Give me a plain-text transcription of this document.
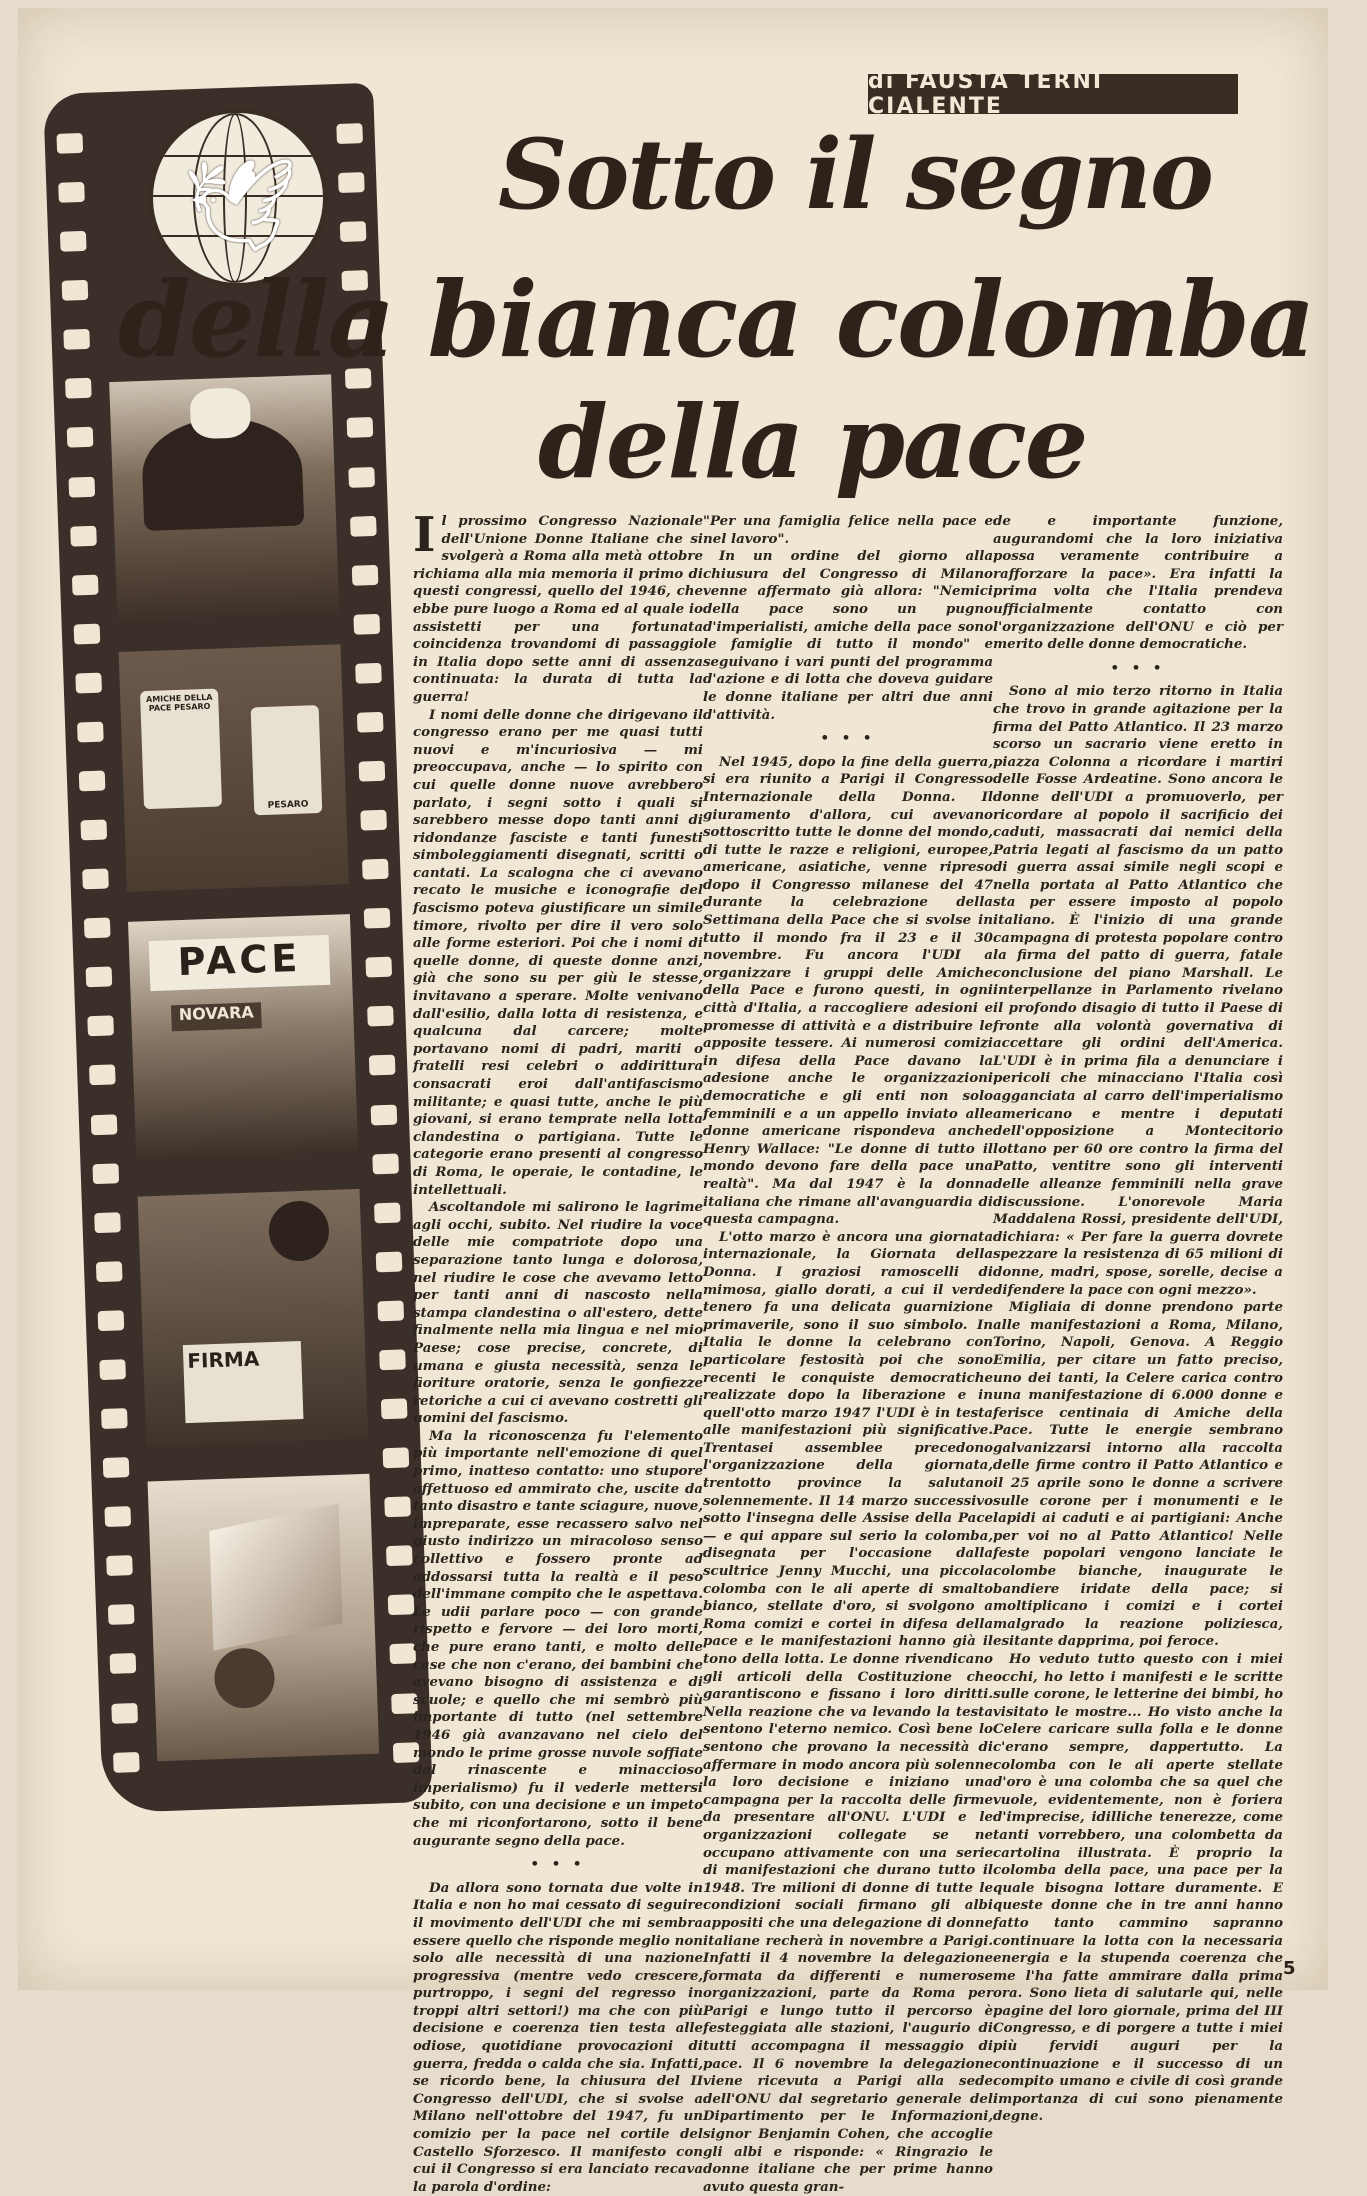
di FAUSTA TERNI CIALENTE
AMICHE DELLA PACE PESARO
PESARO
PACE
NOVARA
FIRMA
🕊 Sotto il segno
della bianca colomba
della pace

Il prossimo Congresso Nazionale dell'Unione Donne Italiane che si svolgerà a Roma alla metà ottobre richiama alla mia memoria il primo di questi congressi, quello del 1946, che ebbe pure luogo a Roma ed al quale io assistetti per una fortunata coincidenza trovandomi di passaggio in Italia dopo sette anni di assenza continuata: la durata di tutta la guerra!

I nomi delle donne che dirigevano il congresso erano per me quasi tutti nuovi e m'incuriosiva — mi preoccupava, anche — lo spirito con cui quelle donne nuove avrebbero parlato, i segni sotto i quali si sarebbero messe dopo tanti anni di ridondanze fasciste e tanti funesti simboleggiamenti disegnati, scritti o cantati. La scalogna che ci avevano recato le musiche e iconografie del fascismo poteva giustificare un simile timore, rivolto per dire il vero solo alle forme esteriori. Poi che i nomi di quelle donne, di queste donne anzi, già che sono su per giù le stesse, invitavano a sperare. Molte venivano dall'esilio, dalla lotta di resistenza, e qualcuna dal carcere; molte portavano nomi di padri, mariti o fratelli resi celebri o addirittura consacrati eroi dall'antifascismo militante; e quasi tutte, anche le più giovani, si erano temprate nella lotta clandestina o partigiana. Tutte le categorie erano presenti al congresso di Roma, le operaie, le contadine, le intellettuali.

Ascoltandole mi salirono le lagrime agli occhi, subito. Nel riudire la voce delle mie compatriote dopo una separazione tanto lunga e dolorosa, nel riudire le cose che avevamo letto per tanti anni di nascosto nella stampa clandestina o all'estero, dette finalmente nella mia lingua e nel mio Paese; cose precise, concrete, di umana e giusta necessità, senza le fioriture oratorie, senza le gonfiezze retoriche a cui ci avevano costretti gli uomini del fascismo.

Ma la riconoscenza fu l'elemento più importante nell'emozione di quel primo, inatteso contatto: uno stupore affettuoso ed ammirato che, uscite da tanto disastro e tante sciagure, nuove, impreparate, esse recassero salvo nel giusto indirizzo un miracoloso senso collettivo e fossero pronte ad addossarsi tutta la realtà e il peso dell'immane compito che le aspettava. Le udii parlare poco — con grande rispetto e fervore — dei loro morti, che pure erano tanti, e molto delle case che non c'erano, dei bambini che avevano bisogno di assistenza e di scuole; e quello che mi sembrò più importante di tutto (nel settembre 1946 già avanzavano nel cielo del mondo le prime grosse nuvole soffiate dal rinascente e minaccioso imperialismo) fu il vederle mettersi subito, con una decisione e un impeto che mi riconfortarono, sotto il bene augurante segno della pace.

• • •

Da allora sono tornata due volte in Italia e non ho mai cessato di seguire il movimento dell'UDI che mi sembra essere quello che risponde meglio non solo alle necessità di una nazione progressiva (mentre vedo crescere, purtroppo, i segni del regresso in troppi altri settori!) ma che con più decisione e coerenza tien testa alle odiose, quotidiane provocazioni di guerra, fredda o calda che sia. Infatti, se ricordo bene, la chiusura del II Congresso dell'UDI, che si svolse a Milano nell'ottobre del 1947, fu un comizio per la pace nel cortile del Castello Sforzesco. Il manifesto con cui il Congresso si era lanciato recava la parola d'ordine:

"Per una famiglia felice nella pace e nel lavoro".

In un ordine del giorno alla chiusura del Congresso di Milano venne affermato già allora: "Nemici della pace sono un pugno d'imperialisti, amiche della pace sono le famiglie di tutto il mondo" e seguivano i vari punti del programma d'azione e di lotta che doveva guidare le donne italiane per altri due anni d'attività.

• • •

Nel 1945, dopo la fine della guerra, si era riunito a Parigi il Congresso Internazionale della Donna. Il giuramento d'allora, cui avevano sottoscritto tutte le donne del mondo, di tutte le razze e religioni, europee, americane, asiatiche, venne ripreso dopo il Congresso milanese del 47 durante la celebrazione della Settimana della Pace che si svolse in tutto il mondo fra il 23 e il 30 novembre. Fu ancora l'UDI a organizzare i gruppi delle Amiche della Pace e furono questi, in ogni città d'Italia, a raccogliere adesioni e promesse di attività e a distribuire le apposite tessere. Ai numerosi comizi in difesa della Pace davano la adesione anche le organizzazioni democratiche e gli enti non solo femminili e a un appello inviato alle donne americane rispondeva anche Henry Wallace: "Le donne di tutto il mondo devono fare della pace una realtà". Ma dal 1947 è la donna italiana che rimane all'avanguardia di questa campagna.

L'otto marzo è ancora una giornata internazionale, la Giornata della Donna. I graziosi ramoscelli di mimosa, giallo dorati, a cui il verde tenero fa una delicata guarnizione primaverile, sono il suo simbolo. In Italia le donne la celebrano con particolare festosità poi che sono recenti le conquiste democratiche realizzate dopo la liberazione e in quell'otto marzo 1947 l'UDI è in testa alle manifestazioni più significative. Trentasei assemblee precedono l'organizzazione della giornata, trentotto province la salutano solennemente. Il 14 marzo successivo sotto l'insegna delle Assise della Pace — e qui appare sul serio la colomba, disegnata per l'occasione dalla scultrice Jenny Mucchi, una piccola colomba con le ali aperte di smalto bianco, stellate d'oro, si svolgono a Roma comizi e cortei in difesa della pace e le manifestazioni hanno già il tono della lotta. Le donne rivendicano gli articoli della Costituzione che garantiscono e fissano i loro diritti. Nella reazione che va levando la testa sentono l'eterno nemico. Così bene lo sentono che provano la necessità di affermare in modo ancora più solenne la loro decisione e iniziano una campagna per la raccolta delle firme da presentare all'ONU. L'UDI e le organizzazioni collegate se ne occupano attivamente con una serie di manifestazioni che durano tutto il 1948. Tre milioni di donne di tutte le condizioni sociali firmano gli albi appositi che una delegazione di donne italiane recherà in novembre a Parigi. Infatti il 4 novembre la delegazione formata da differenti e numerose organizzazioni, parte da Roma per Parigi e lungo tutto il percorso è festeggiata alle stazioni, l'augurio di tutti accompagna il messaggio di pace. Il 6 novembre la delegazione viene ricevuta a Parigi alla sede dell'ONU dal segretario generale del Dipartimento per le Informazioni, signor Benjamin Cohen, che accoglie gli albi e risponde: « Ringrazio le donne italiane che per prime hanno avuto questa gran-

de e importante funzione, augurandomi che la loro iniziativa possa veramente contribuire a rafforzare la pace». Era infatti la prima volta che l'Italia prendeva ufficialmente contatto con l'organizzazione dell'ONU e ciò per merito delle donne democratiche.

• • •

Sono al mio terzo ritorno in Italia che trovo in grande agitazione per la firma del Patto Atlantico. Il 23 marzo scorso un sacrario viene eretto in piazza Colonna a ricordare i martiri delle Fosse Ardeatine. Sono ancora le donne dell'UDI a promuoverlo, per ricordare al popolo il sacrificio dei caduti, massacrati dai nemici della Patria legati al fascismo da un patto di guerra assai simile negli scopi e nella portata al Patto Atlantico che sta per essere imposto al popolo italiano. È l'inizio di una grande campagna di protesta popolare contro la firma del patto di guerra, fatale conclusione del piano Marshall. Le interpellanze in Parlamento rivelano il profondo disagio di tutto il Paese di fronte alla volontà governativa di accettare gli ordini dell'America. L'UDI è in prima fila a denunciare i pericoli che minacciano l'Italia così agganciata al carro dell'imperialismo americano e mentre i deputati dell'opposizione a Montecitorio lottano per 60 ore contro la firma del Patto, ventitre sono gli interventi delle alleanze femminili nella grave discussione. L'onorevole Maria Maddalena Rossi, presidente dell'UDI, dichiara: « Per fare la guerra dovrete spezzare la resistenza di 65 milioni di donne, madri, spose, sorelle, decise a difendere la pace con ogni mezzo».

Migliaia di donne prendono parte alle manifestazioni a Roma, Milano, Torino, Napoli, Genova. A Reggio Emilia, per citare un fatto preciso, uno dei tanti, la Celere carica contro una manifestazione di 6.000 donne e ferisce centinaia di Amiche della Pace. Tutte le energie sembrano galvanizzarsi intorno alla raccolta delle firme contro il Patto Atlantico e il 25 aprile sono le donne a scrivere sulle corone per i monumenti e le lapidi ai caduti e ai partigiani: Anche per voi no al Patto Atlantico! Nelle feste popolari vengono lanciate le colombe bianche, inaugurate le bandiere iridate della pace; si moltiplicano i comizi e i cortei malgrado la reazione poliziesca, esitante dapprima, poi feroce.

Ho veduto tutto questo con i miei occhi, ho letto i manifesti e le scritte sulle corone, le letterine dei bimbi, ho visitato le mostre... Ho visto anche la Celere caricare sulla folla e le donne c'erano sempre, dappertutto. La colomba con le ali aperte stellate d'oro è una colomba che sa quel che vuole, evidentemente, non è foriera d'imprecise, idilliche tenerezze, come tanti vorrebbero, una colombetta da cartolina illustrata. È proprio la colomba della pace, una pace per la quale bisogna lottare duramente. E queste donne che in tre anni hanno fatto tanto cammino sapranno continuare la lotta con la necessaria energia e la stupenda coerenza che me l'ha fatte ammirare dalla prima ora. Sono lieta di salutarle qui, nelle pagine del loro giornale, prima del III Congresso, e di porgere a tutte i miei più fervidi auguri per la continuazione e il successo di un compito umano e civile di così grande importanza di cui sono pienamente degne.

5
